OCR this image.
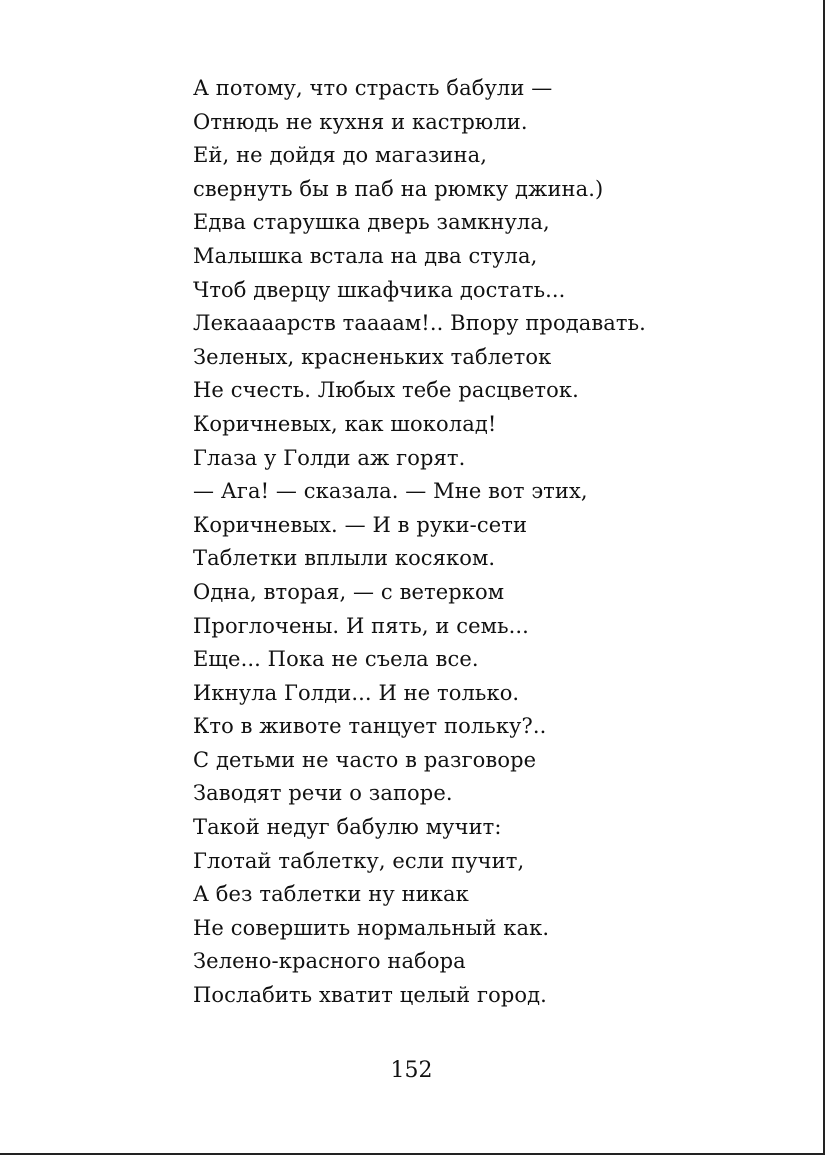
А потому, что страсть бабули —
Отнюдь не кухня и кастрюли.
Ей, не дойдя до магазина,
свернуть бы в паб на рюмку джина.)
Едва старушка дверь замкнула,
Малышка встала на два стула,
Чтоб дверцу шкафчика достать...
Лекаааарств тааaам!.. Впору продавать.
Зеленых, красненьких таблеток
Не счесть. Любых тебе расцветок.
Коричневых, как шоколад!
Глаза у Голди аж горят.
— Ага! — сказала. — Мне вот этих,
Коричневых. — И в руки-сети
Таблетки вплыли косяком.
Одна, вторая, — с ветерком
Проглочены. И пять, и семь...
Еще... Пока не съела все.
Икнула Голди... И не только.
Кто в животе танцует польку?..
С детьми не часто в разговоре
Заводят речи о запоре.
Такой недуг бабулю мучит:
Глотай таблетку, если пучит,
А без таблетки ну никак
Не совершить нормальный как.
Зелено-красного набора
Послабить хватит целый город.
152
